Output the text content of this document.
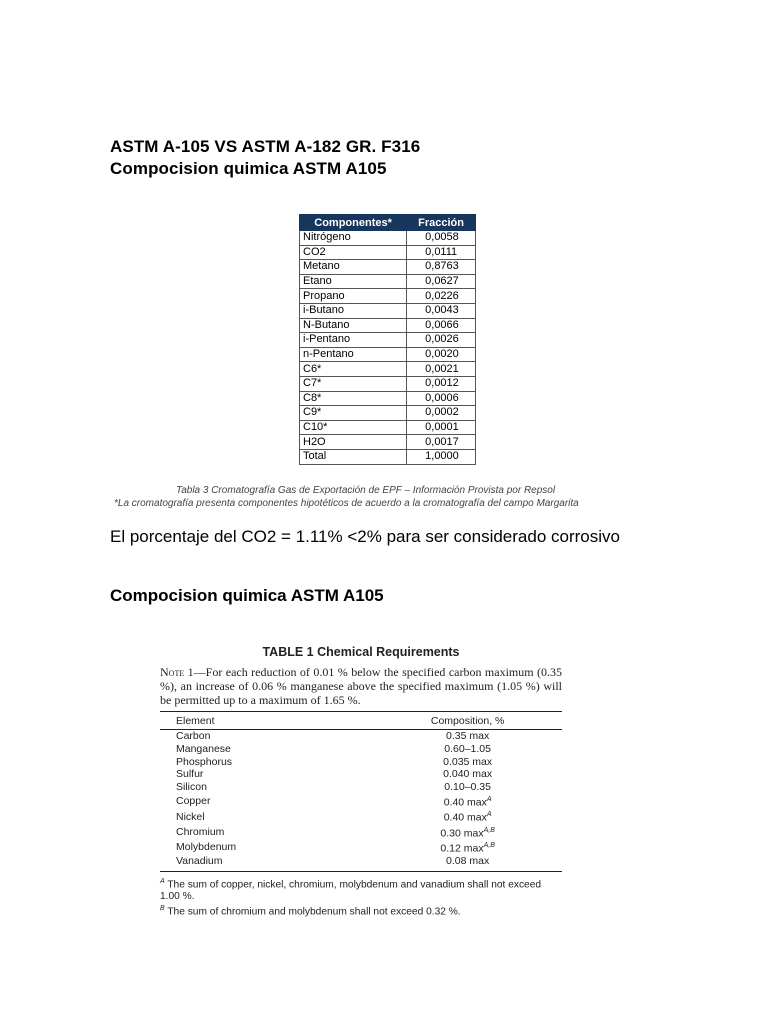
ASTM A-105 VS ASTM A-182 GR. F316
Compocision quimica ASTM A105
Componentes*	Fracción
Nitrógeno	0,0058
CO2	0,0111
Metano	0,8763
Etano	0,0627
Propano	0,0226
i-Butano	0,0043
N-Butano	0,0066
i-Pentano	0,0026
n-Pentano	0,0020
C6*	0,0021
C7*	0,0012
C8*	0,0006
C9*	0,0002
C10*	0,0001
H2O	0,0017
Total	1,0000
Tabla 3 Cromatografía Gas de Exportación de EPF – Información Provista por Repsol
*La cromatografía presenta componentes hipotéticos de acuerdo a la cromatografía del campo Margarita
El porcentaje del CO2 = 1.11% <2% para ser considerado corrosivo
Compocision quimica ASTM A105
TABLE 1 Chemical Requirements
Note 1—For each reduction of 0.01 % below the specified carbon maximum (0.35 %), an increase of 0.06 % manganese above the specified maximum (1.05 %) will be permitted up to a maximum of 1.65 %.
Element	Composition, %
Carbon	0.35 max
Manganese	0.60–1.05
Phosphorus	0.035 max
Sulfur	0.040 max
Silicon	0.10–0.35
Copper	0.40 $\max^A$
Nickel	0.40 $\max^A$
Chromium	0.30 $\max^{A,B}$
Molybdenum	0.12 $\max^{A,B}$
Vanadium	0.08 max
$^A$ The sum of copper, nickel, chromium, molybdenum and vanadium shall not exceed 1.00 %.
$^B$ The sum of chromium and molybdenum shall not exceed 0.32 %.
